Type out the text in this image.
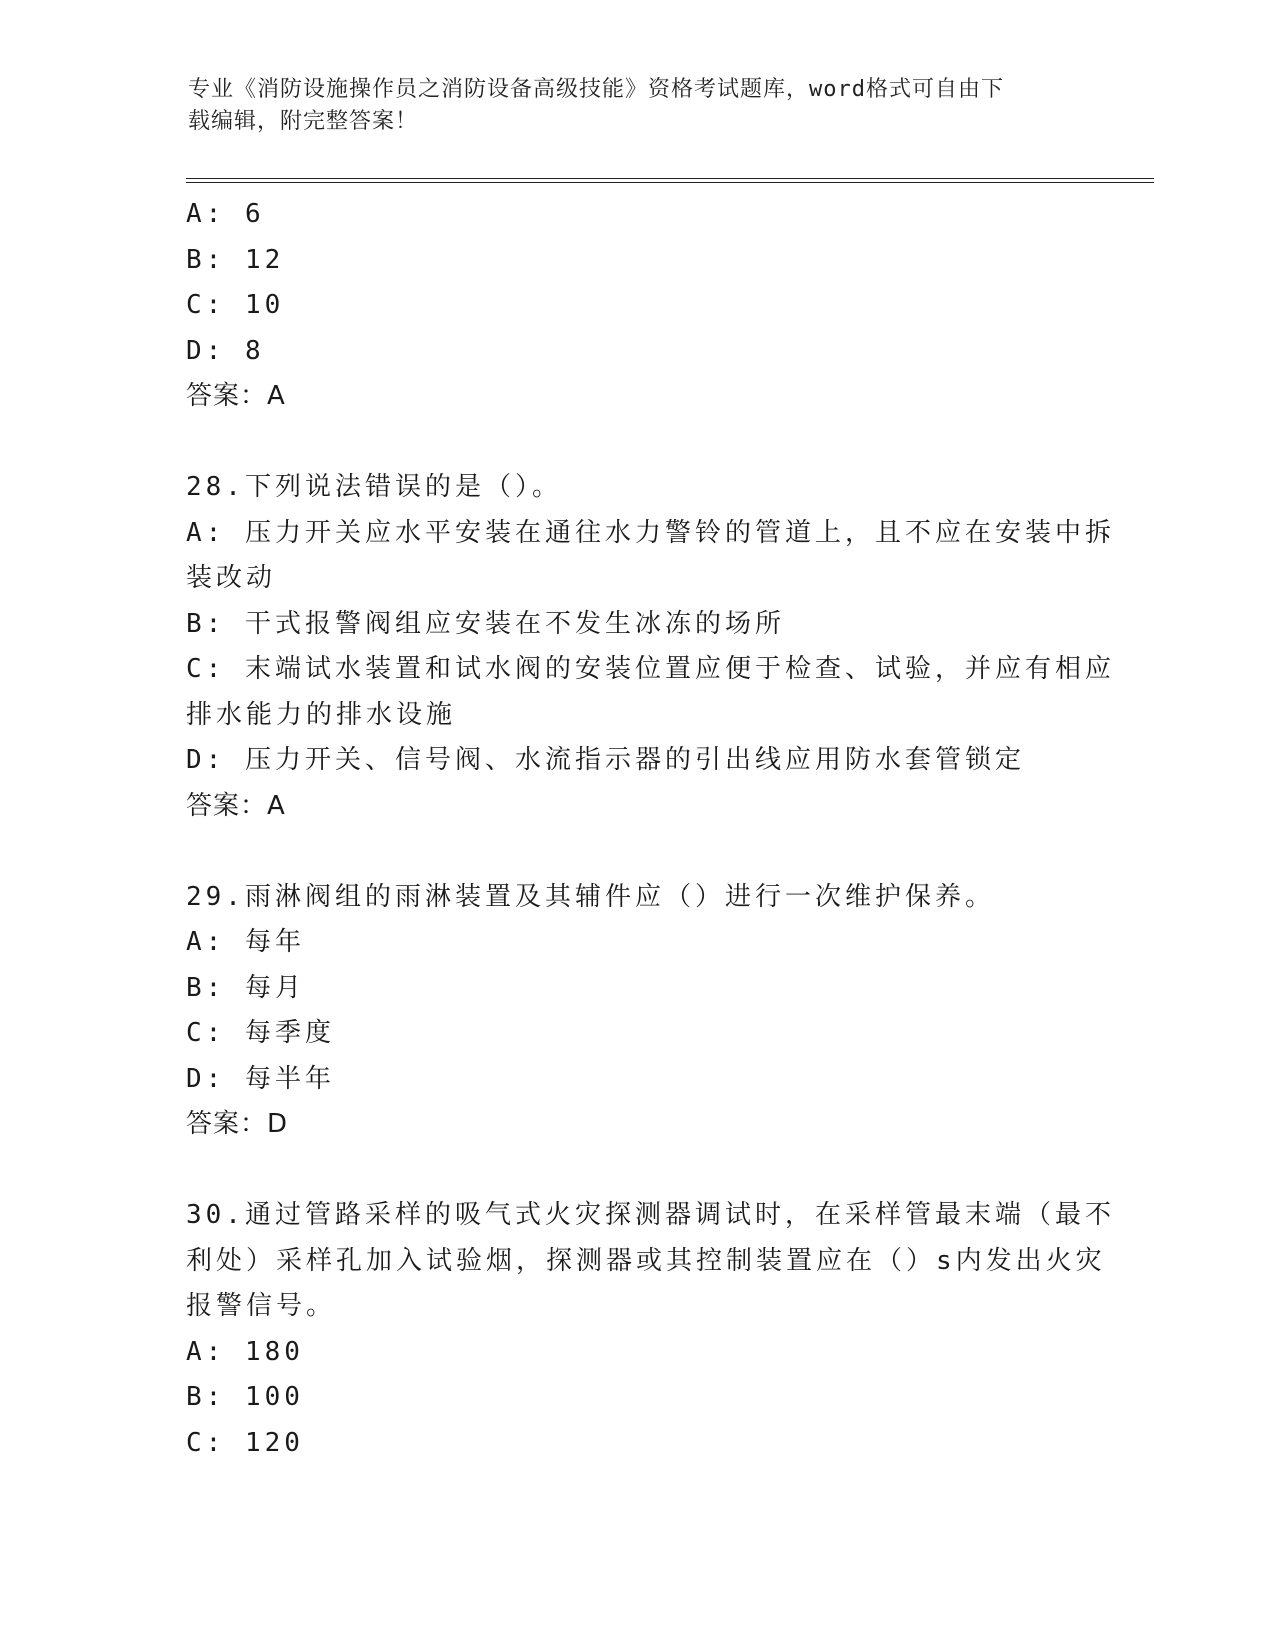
专业《消防设施操作员之消防设备高级技能》资格考试题库，word格式可自由下
载编辑，附完整答案！
A: 6
B: 12
C: 10
D: 8
答案：A
28.下列说法错误的是（）。
A: 压力开关应水平安装在通往水力警铃的管道上，且不应在安装中拆
装改动
B: 干式报警阀组应安装在不发生冰冻的场所
C: 末端试水装置和试水阀的安装位置应便于检查、试验，并应有相应
排水能力的排水设施
D: 压力开关、信号阀、水流指示器的引出线应用防水套管锁定
答案：A
29.雨淋阀组的雨淋装置及其辅件应（）进行一次维护保养。
A: 每年
B: 每月
C: 每季度
D: 每半年
答案：D
30.通过管路采样的吸气式火灾探测器调试时，在采样管最末端（最不
利处）采样孔加入试验烟，探测器或其控制装置应在（）s内发出火灾
报警信号。
A: 180
B: 100
C: 120
